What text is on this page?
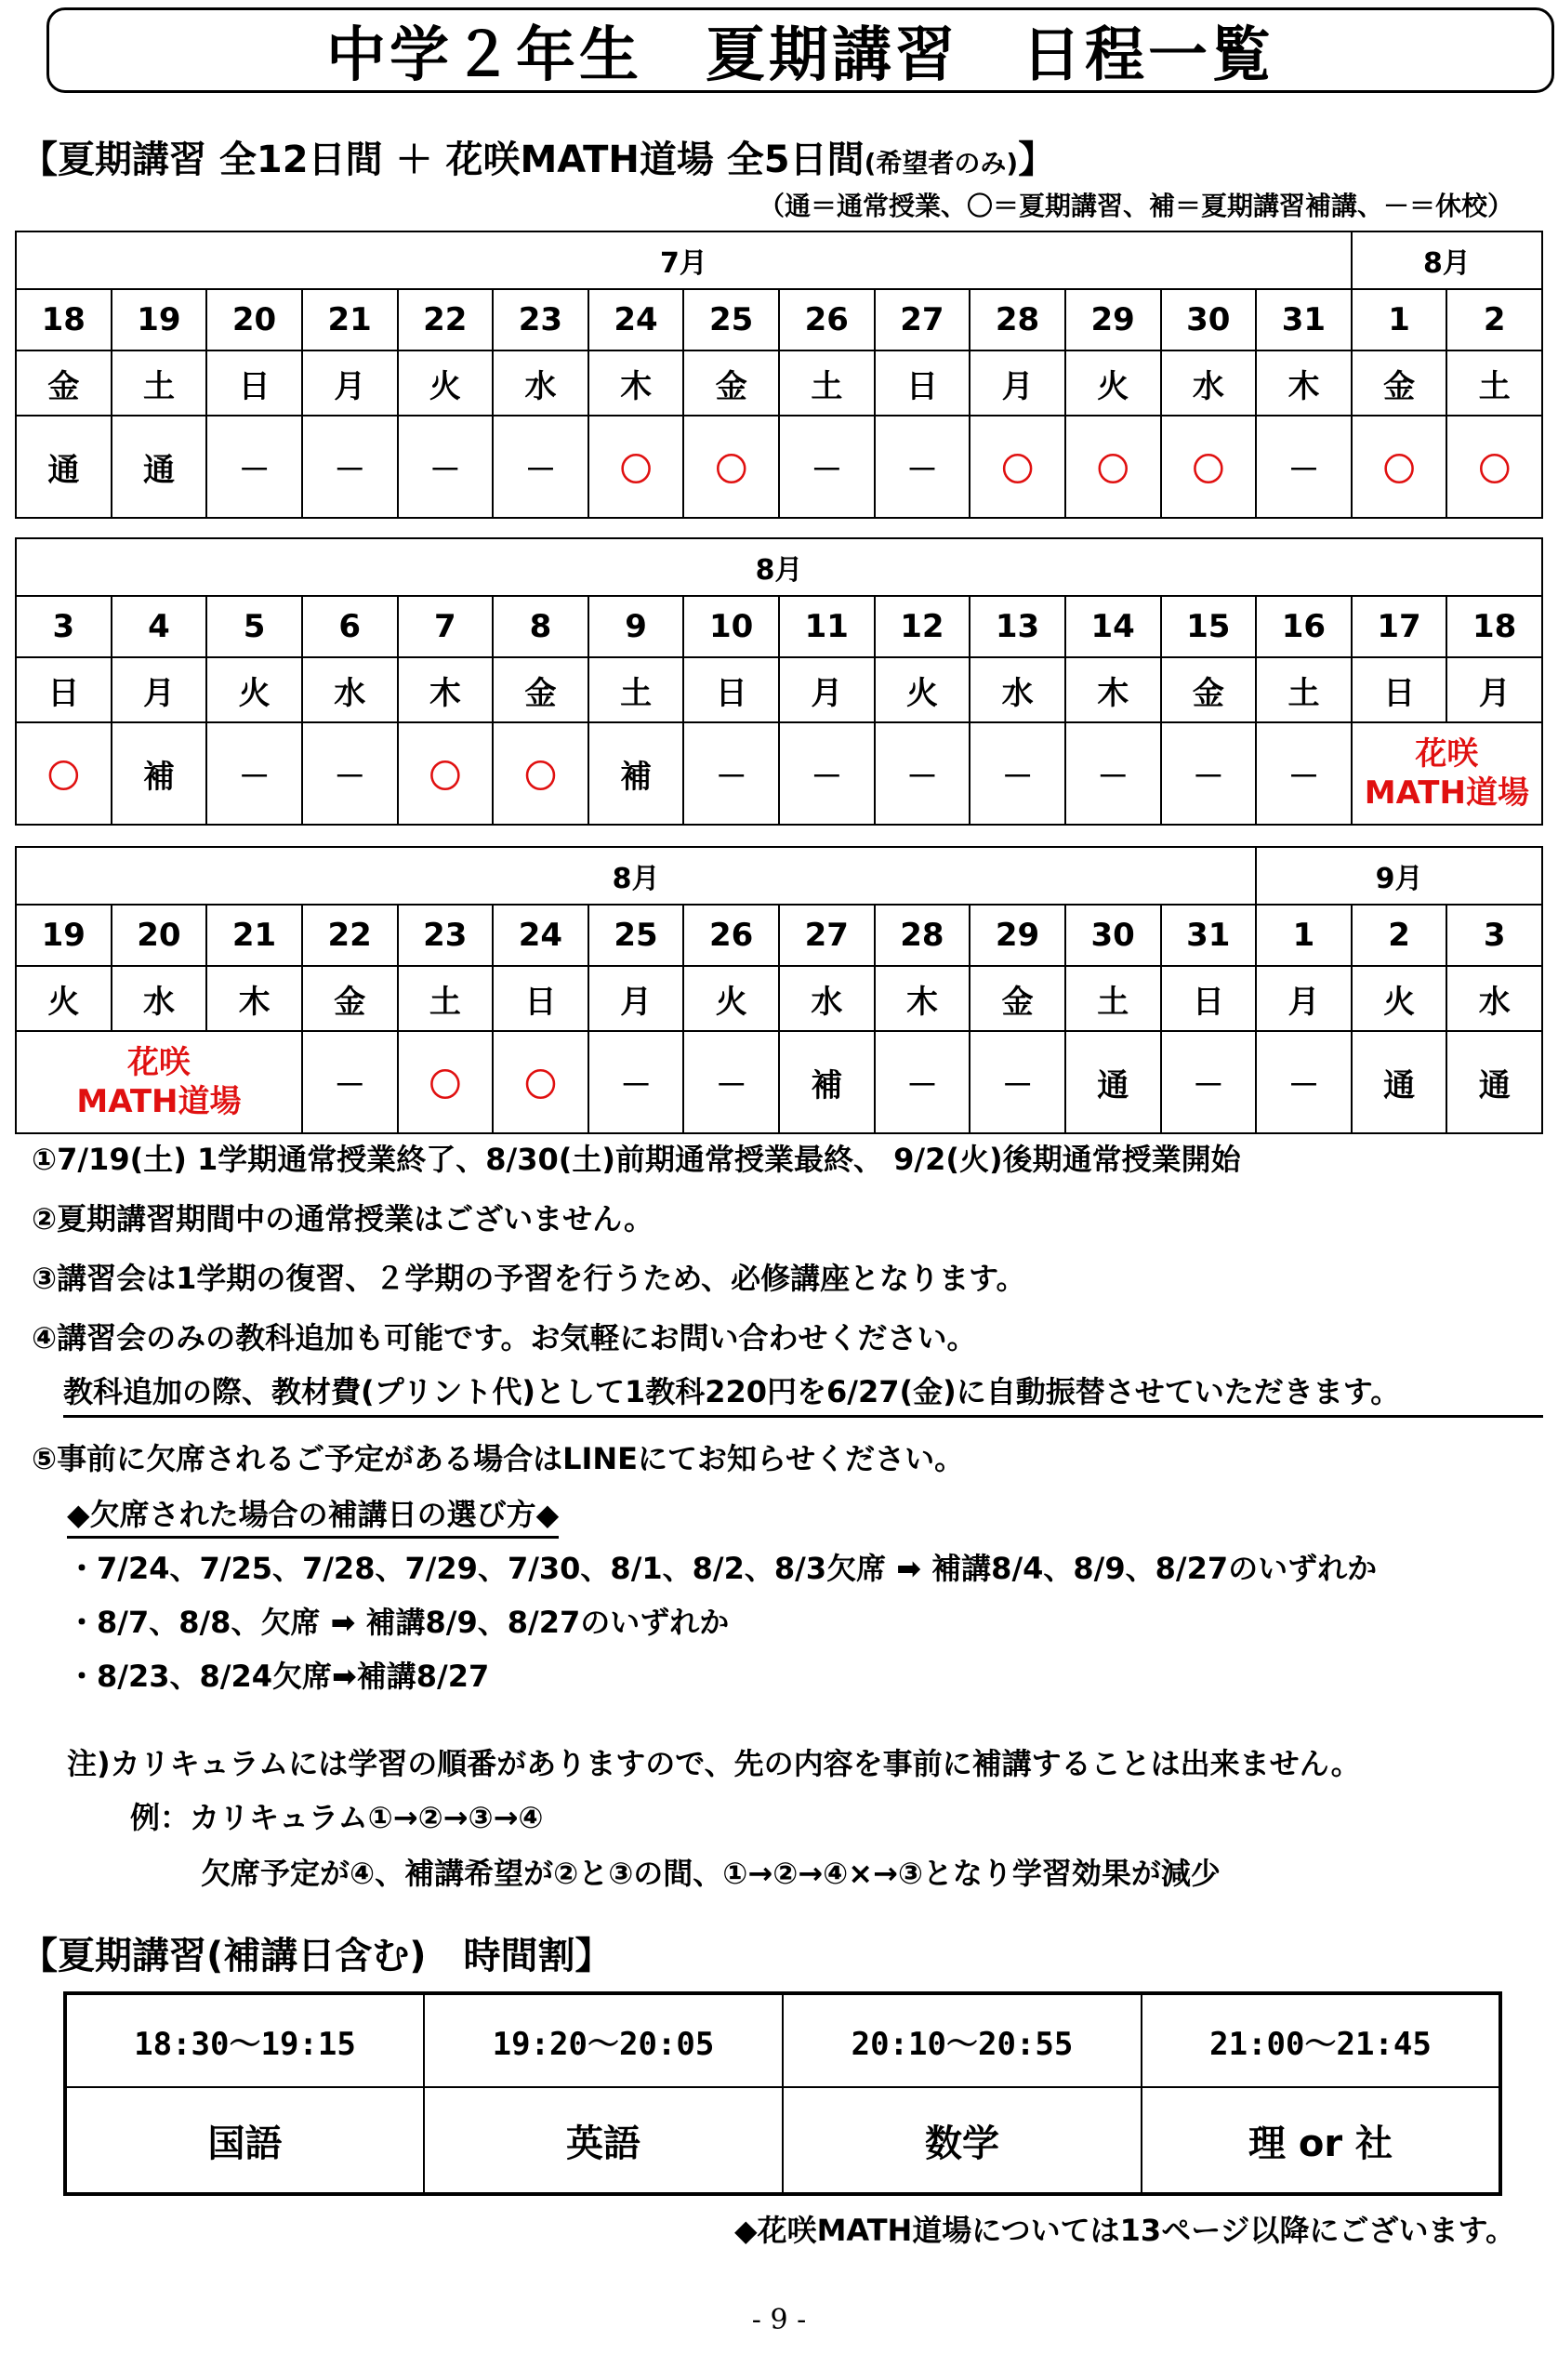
中学２年生　夏期講習　日程一覧
【夏期講習 全12日間 ＋ 花咲MATH道場 全5日間(希望者のみ)】
（通＝通常授業、〇＝夏期講習、補＝夏期講習補講、－＝休校）
7月														8月	
18	19	20	21	22	23	24	25	26	27	28	29	30	31	1	2
金	土	日	月	火	水	木	金	土	日	月	火	水	木	金	土
通	通	－	－	－	－	〇	〇	－	－	〇	〇	〇	－	〇	〇
8月															
3	4	5	6	7	8	9	10	11	12	13	14	15	16	17	18
日	月	火	水	木	金	土	日	月	火	水	木	金	土	日	月
〇	補	－	－	〇	〇	補	－	－	－	－	－	－	－	花咲
MATH道場	
8月													9月		
19	20	21	22	23	24	25	26	27	28	29	30	31	1	2	3
火	水	木	金	土	日	月	火	水	木	金	土	日	月	火	水
花咲
MATH道場			－	〇	〇	－	－	補	－	－	通	－	－	通	通
①7/19(土) 1学期通常授業終了、8/30(土)前期通常授業最終、 9/2(火)後期通常授業開始
②夏期講習期間中の通常授業はございません。
③講習会は1学期の復習、２学期の予習を行うため、必修講座となります。
④講習会のみの教科追加も可能です。お気軽にお問い合わせください。
教科追加の際、教材費(プリント代)として1教科220円を6/27(金)に自動振替させていただきます。
⑤事前に欠席されるご予定がある場合はLINEにてお知らせください。
◆欠席された場合の補講日の選び方◆
・7/24、7/25、7/28、7/29、7/30、8/1、8/2、8/3欠席 ➡ 補講8/4、8/9、8/27のいずれか
・8/7、8/8、欠席 ➡ 補講8/9、8/27のいずれか
・8/23、8/24欠席➡補講8/27
注)カリキュラムには学習の順番がありますので、先の内容を事前に補講することは出来ません。
例：カリキュラム①→②→③→④
欠席予定が④、補講希望が②と③の間、①→②→④×→③となり学習効果が減少
【夏期講習(補講日含む)　時間割】
18:30～19:15	19:20～20:05	20:10～20:55	21:00～21:45
国語	英語	数学	理 or 社
◆花咲MATH道場については13ページ以降にございます。
- 9 -
